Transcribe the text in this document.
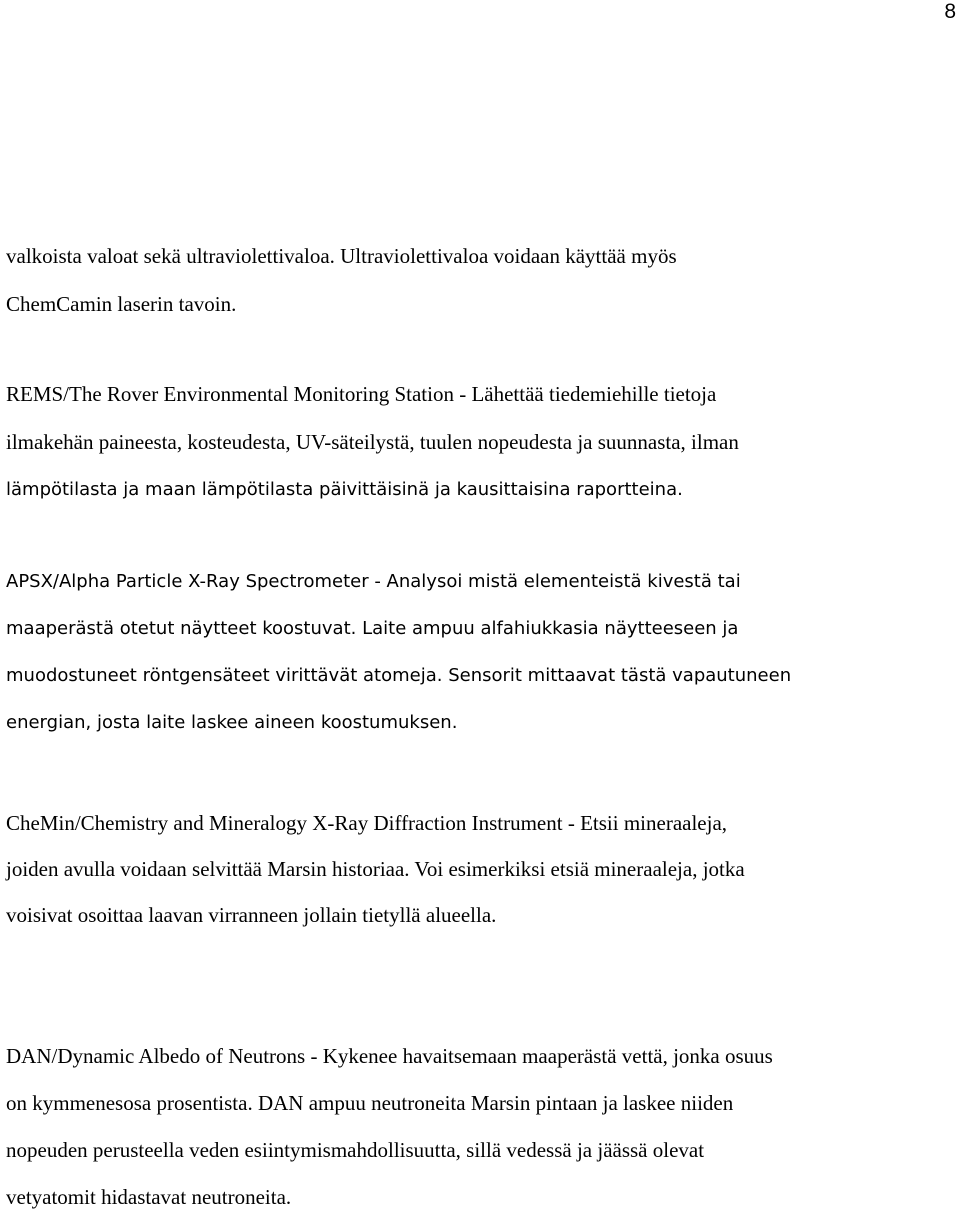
8

valkoista valoat sekä ultraviolettivaloa. Ultraviolettivaloa voidaan käyttää myös
ChemCamin laserin tavoin.

REMS/The Rover Environmental Monitoring Station - Lähettää tiedemiehille tietoja
ilmakehän paineesta, kosteudesta, UV-säteilystä, tuulen nopeudesta ja suunnasta, ilman
lämpötilasta ja maan lämpötilasta päivittäisinä ja kausittaisina raportteina.

APSX/Alpha Particle X-Ray Spectrometer - Analysoi mistä elementeistä kivestä tai
maaperästä otetut näytteet koostuvat. Laite ampuu alfahiukkasia näytteeseen ja
muodostuneet röntgensäteet virittävät atomeja. Sensorit mittaavat tästä vapautuneen
energian, josta laite laskee aineen koostumuksen.

CheMin/Chemistry and Mineralogy X-Ray Diffraction Instrument - Etsii mineraaleja,
joiden avulla voidaan selvittää Marsin historiaa. Voi esimerkiksi etsiä mineraaleja, jotka
voisivat osoittaa laavan virranneen jollain tietyllä alueella.

DAN/Dynamic Albedo of Neutrons - Kykenee havaitsemaan maaperästä vettä, jonka osuus
on kymmenesosa prosentista. DAN ampuu neutroneita Marsin pintaan ja laskee niiden
nopeuden perusteella veden esiintymismahdollisuutta, sillä vedessä ja jäässä olevat
vetyatomit hidastavat neutroneita.
